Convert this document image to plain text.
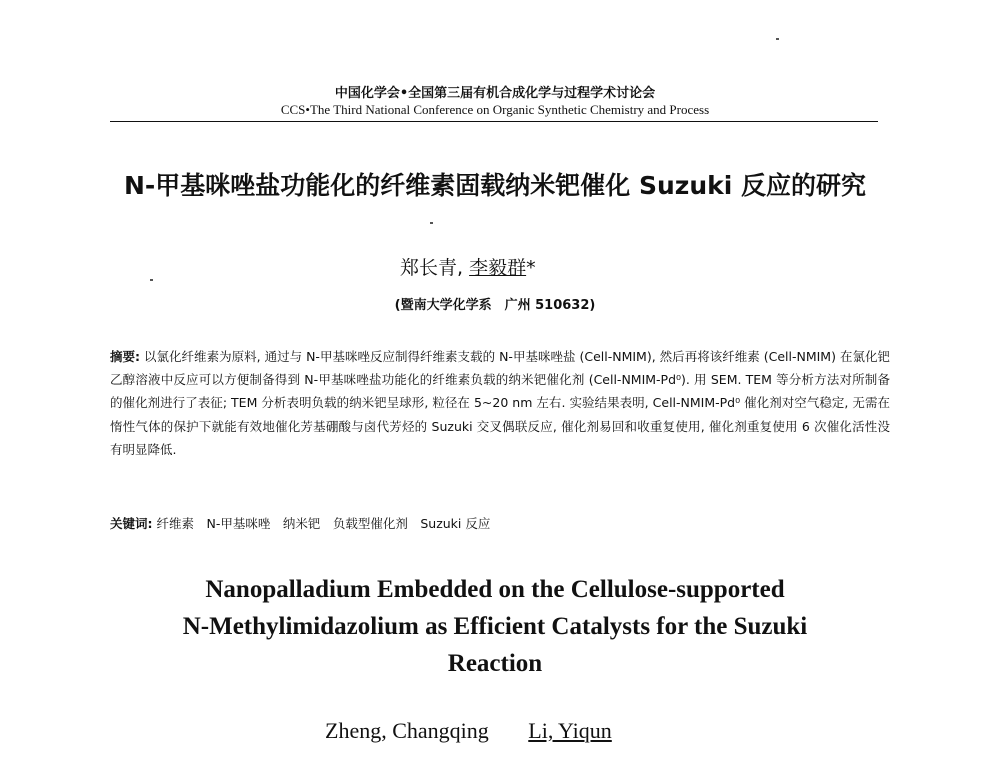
中国化学会•全国第三届有机合成化学与过程学术讨论会
CCS•The Third National Conference on Organic Synthetic Chemistry and Process
N-甲基咪唑盐功能化的纤维素固载纳米钯催化 Suzuki 反应的研究
郑长青, 李毅群*
(暨南大学化学系　广州 510632)
摘要: 以氯化纤维素为原料, 通过与 N-甲基咪唑反应制得纤维素支载的 N-甲基咪唑盐 (Cell-NMIM), 然后再将该纤维素 (Cell-NMIM) 在氯化钯乙醇溶液中反应可以方便制备得到 N-甲基咪唑盐功能化的纤维素负载的纳米钯催化剂 (Cell-NMIM-Pd⁰). 用 SEM. TEM 等分析方法对所制备的催化剂进行了表征; TEM 分析表明负载的纳米钯呈球形, 粒径在 5~20 nm 左右. 实验结果表明, Cell-NMIM-Pd⁰ 催化剂对空气稳定, 无需在惰性气体的保护下就能有效地催化芳基硼酸与卤代芳烃的 Suzuki 交叉偶联反应, 催化剂易回和收重复使用, 催化剂重复使用 6 次催化活性没有明显降低.
关键词: 纤维素　N-甲基咪唑　纳米钯　负载型催化剂　Suzuki 反应
Nanopalladium Embedded on the Cellulose-supported
N-Methylimidazolium as Efficient Catalysts for the Suzuki
Reaction
Zheng, Changqing Li, Yiqun
